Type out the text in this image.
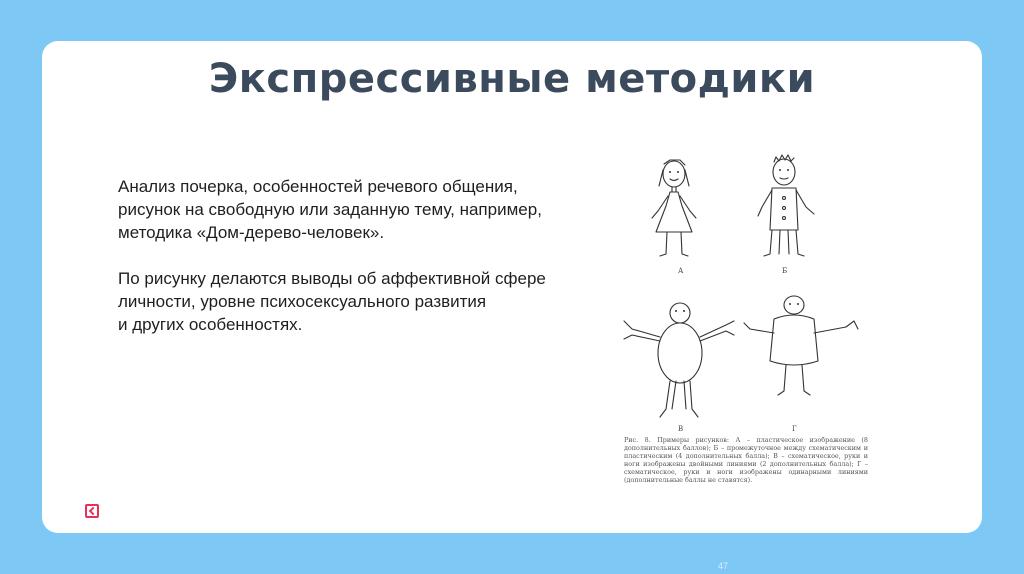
Экспрессивные методики

Анализ почерка, особенностей речевого общения,
рисунок на свободную или заданную тему, например,
методика «Дом-дерево-человек».

По рисунку делаются выводы об аффективной сфере
личности, уровне психосексуального развития
и других особенностях.

А	Б
В	Г
Рис. 8. Примеры рисунков: А – пластическое изображение (8 дополнительных баллов); Б – промежуточное между схематическим и пластическим (4 дополнительных балла); В – схематическое, руки и ноги изображены двойными линиями (2 дополнительных балла); Г – схематическое, руки и ноги изображены одинарными линиями (дополнительные баллы не ставятся).
47
